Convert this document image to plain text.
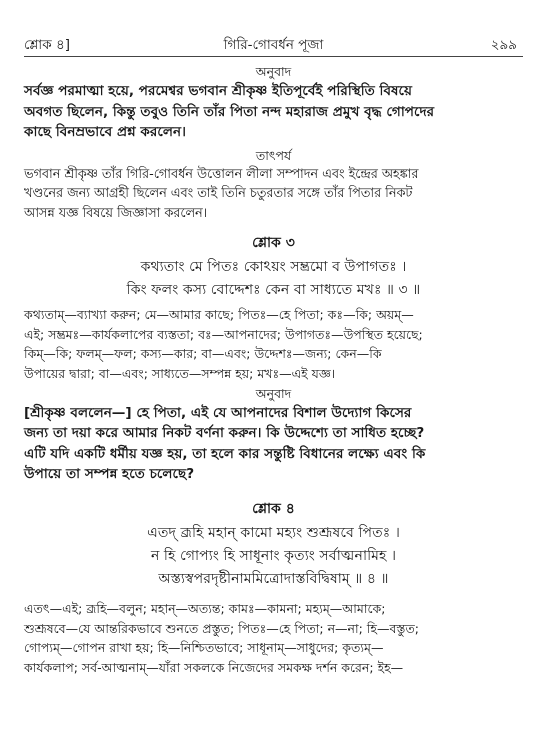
শ্লোক ৪]	গিরি-গোবর্ধন পূজা	২৯৯

অনুবাদ

সর্বজ্ঞ পরমাত্মা হয়ে, পরমেশ্বর ভগবান শ্রীকৃষ্ণ ইতিপূর্বেই পরিস্থিতি বিষয়ে
অবগত ছিলেন, কিন্তু তবুও তিনি তাঁর পিতা নন্দ মহারাজ প্রমুখ বৃদ্ধ গোপদের
কাছে বিনম্রভাবে প্রশ্ন করলেন।

তাৎপর্য

ভগবান শ্রীকৃষ্ণ তাঁর গিরি-গোবর্ধন উত্তোলন লীলা সম্পাদন এবং ইন্দ্রের অহঙ্কার
খণ্ডনের জন্য আগ্রহী ছিলেন এবং তাই তিনি চতুরতার সঙ্গে তাঁর পিতার নিকট
আসন্ন যজ্ঞ বিষয়ে জিজ্ঞাসা করলেন।

শ্লোক ৩

কথ্যতাং মে পিতঃ কোঽয়ং সম্ভ্রমো ব উপাগতঃ ।

কিং ফলং কস্য বোদ্দেশঃ কেন বা সাধ্যতে মখঃ ॥ ৩ ॥

কথ্যতাম্—ব্যাখ্যা করুন; মে—আমার কাছে; পিতঃ—হে পিতা; কঃ—কি; অয়ম্—
এই; সম্ভ্রমঃ—কার্যকলাপের ব্যস্ততা; বঃ—আপনাদের; উপাগতঃ—উপস্থিত হয়েছে;
কিম্—কি; ফলম্—ফল; কস্য—কার; বা—এবং; উদ্দেশঃ—জন্য; কেন—কি
উপায়ের দ্বারা; বা—এবং; সাধ্যতে—সম্পন্ন হয়; মখঃ—এই যজ্ঞ।

অনুবাদ

[শ্রীকৃষ্ণ বললেন—] হে পিতা, এই যে আপনাদের বিশাল উদ্যোগ কিসের
জন্য তা দয়া করে আমার নিকট বর্ণনা করুন। কি উদ্দেশ্যে তা সাধিত হচ্ছে?
এটি যদি একটি ধর্মীয় যজ্ঞ হয়, তা হলে কার সন্তুষ্টি বিধানের লক্ষ্যে এবং কি
উপায়ে তা সম্পন্ন হতে চলেছে?

শ্লোক ৪

এতদ্ ব্রূহি মহান্ কামো মহ্যং শুশ্রূষবে পিতঃ ।

ন হি গোপ্যং হি সাধূনাং কৃত্যং সর্বাত্মনামিহ ।

অস্ত্যস্বপরদৃষ্টীনামমিত্রোদাস্তবিদ্বিষাম্ ॥ ৪ ॥

এতৎ—এই; ব্রূহি—বলুন; মহান্—অত্যন্ত; কামঃ—কামনা; মহ্যম্—আমাকে;
শুশ্রূষবে—যে আন্তরিকভাবে শুনতে প্রস্তুত; পিতঃ—হে পিতা; ন—না; হি—বস্তুত;
গোপ্যম্—গোপন রাখা হয়; হি—নিশ্চিতভাবে; সাধূনাম্—সাধুদের; কৃত্যম্—
কার্যকলাপ; সর্ব-আত্মনাম্—যাঁরা সকলকে নিজেদের সমকক্ষ দর্শন করেন; ইহ—
